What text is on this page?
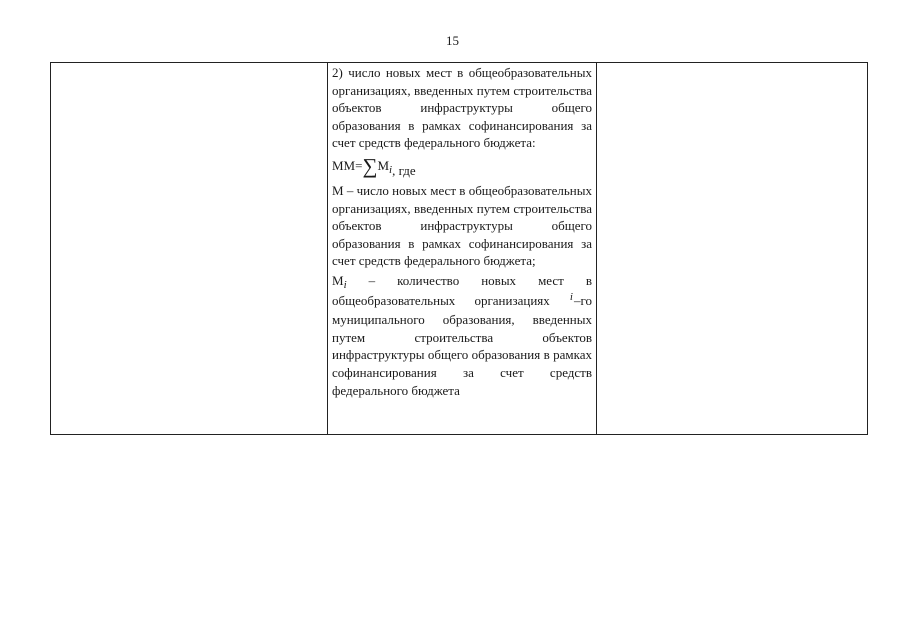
15

2) число новых мест в общеобразовательных организациях, введенных путем строительства объектов инфраструктуры общего образования в рамках софинансирования за счет средств федерального бюджета:

$ММ=\sum М_i$, где

М – число новых мест в общеобразовательных организациях, введенных путем строительства объектов инфраструктуры общего образования в рамках софинансирования за счет средств федерального бюджета;

$М_i$ – количество новых мест в общеобразовательных организациях $^i$–го муниципального образования, введенных путем строительства объектов инфраструктуры общего образования в рамках софинансирования за счет средств федерального бюджета
